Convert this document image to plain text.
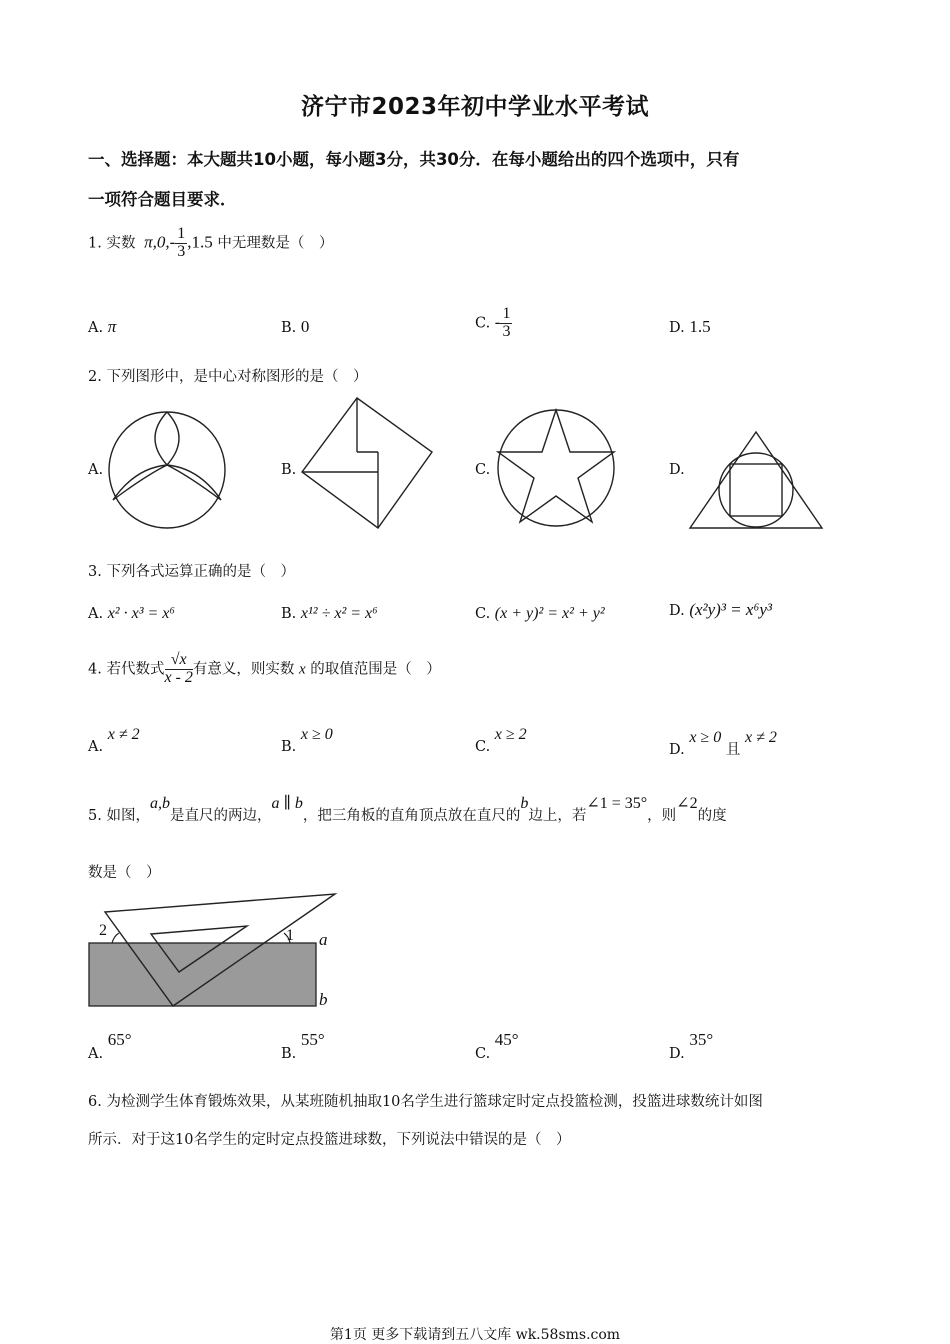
济宁市2023年初中学业水平考试
一、选择题：本大题共10小题，每小题3分，共30分．在每小题给出的四个选项中，只有
一项符合题目要求．
1. 实数 $\pi,0,- \frac{1}{3} ,1.5$ 中无理数是（　）
A. π	B. 0	C. - $\frac{1}{3}$	D. 1.5
2. 下列图形中，是中心对称图形的是（　）
A.	B.	C.	D.
3. 下列各式运算正确的是（　）
A. x² · x³ = x⁶	B. x¹² ÷ x² = x⁶	C. (x + y)² = x² + y²	D. (x²y)³ = x⁶y³
4. 若代数式 $\frac{√x}{x - 2}$ 有意义，则实数 x 的取值范围是（　）
A. x ≠ 2
B. x ≥ 0
C. x ≥ 2
D. x ≥ 0 且 x ≠ 2
5. 如图，a,b是直尺的两边，a ∥ b，把三角板的直角顶点放在直尺的b边上，若∠1 = 35°，则∠2的度
数是（　）
2	1 a
b
A. 65°
B. 55°
C. 45°
D. 35°
6. 为检测学生体育锻炼效果，从某班随机抽取10名学生进行篮球定时定点投篮检测，投篮进球数统计如图
所示．对于这10名学生的定时定点投篮进球数，下列说法中错误的是（　）
第1页 更多下载请到五八文库 wk.58sms.com
